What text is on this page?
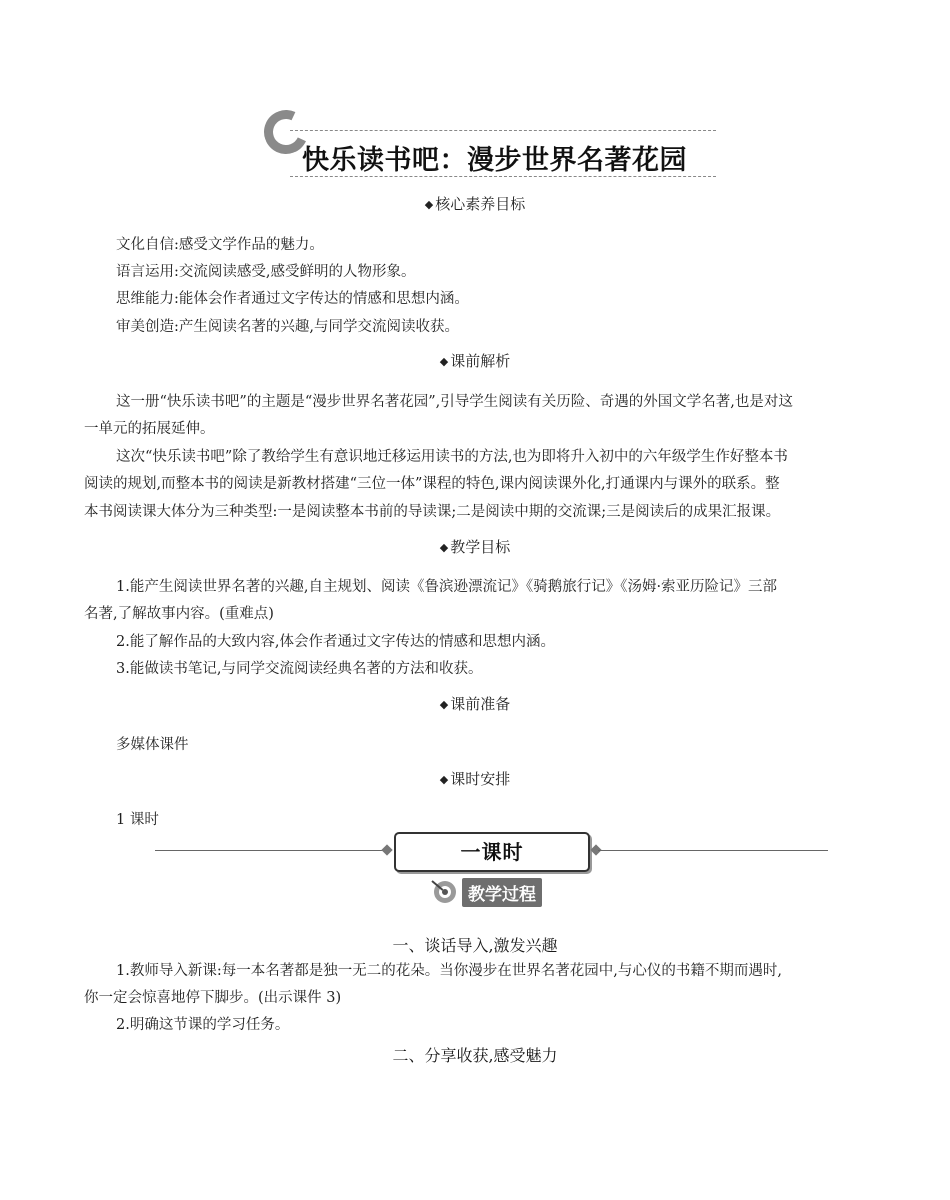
快乐读书吧：漫步世界名著花园
◆ 核心素养目标
文化自信:感受文学作品的魅力。
语言运用:交流阅读感受,感受鲜明的人物形象。
思维能力:能体会作者通过文字传达的情感和思想内涵。
审美创造:产生阅读名著的兴趣,与同学交流阅读收获。
◆ 课前解析
这一册“快乐读书吧”的主题是“漫步世界名著花园”,引导学生阅读有关历险、奇遇的外国文学名著,也是对这
一单元的拓展延伸。
这次“快乐读书吧”除了教给学生有意识地迁移运用读书的方法,也为即将升入初中的六年级学生作好整本书
阅读的规划,而整本书的阅读是新教材搭建“三位一体”课程的特色,课内阅读课外化,打通课内与课外的联系。整
本书阅读课大体分为三种类型:一是阅读整本书前的导读课;二是阅读中期的交流课;三是阅读后的成果汇报课。
◆ 教学目标
1.能产生阅读世界名著的兴趣,自主规划、阅读《鲁滨逊漂流记》《骑鹅旅行记》《汤姆·索亚历险记》三部
名著,了解故事内容。(重难点)
2.能了解作品的大致内容,体会作者通过文字传达的情感和思想内涵。
3.能做读书笔记,与同学交流阅读经典名著的方法和收获。
◆ 课前准备
多媒体课件
◆ 课时安排
1 课时
一课时
教学过程
一、谈话导入,激发兴趣
1.教师导入新课:每一本名著都是独一无二的花朵。当你漫步在世界名著花园中,与心仪的书籍不期而遇时,
你一定会惊喜地停下脚步。(出示课件 3)
2.明确这节课的学习任务。
二、分享收获,感受魅力
